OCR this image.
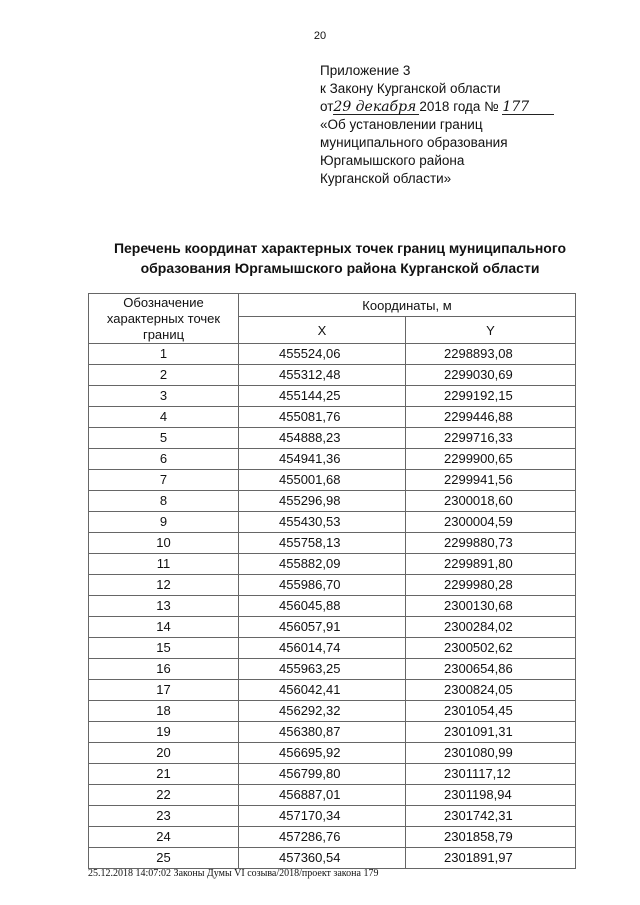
20
Приложение 3
к Закону Курганской области
от29 декабря 2018 года № 177
«Об установлении границ
муниципального образования
Юргамышского района
Курганской области»
Перечень координат характерных точек границ муниципального
образования Юргамышского района Курганской области
Обозначение характерных точек границ	Координаты, м	
	X	Y
1	455524,06	2298893,08
2	455312,48	2299030,69
3	455144,25	2299192,15
4	455081,76	2299446,88
5	454888,23	2299716,33
6	454941,36	2299900,65
7	455001,68	2299941,56
8	455296,98	2300018,60
9	455430,53	2300004,59
10	455758,13	2299880,73
11	455882,09	2299891,80
12	455986,70	2299980,28
13	456045,88	2300130,68
14	456057,91	2300284,02
15	456014,74	2300502,62
16	455963,25	2300654,86
17	456042,41	2300824,05
18	456292,32	2301054,45
19	456380,87	2301091,31
20	456695,92	2301080,99
21	456799,80	2301117,12
22	456887,01	2301198,94
23	457170,34	2301742,31
24	457286,76	2301858,79
25	457360,54	2301891,97
25.12.2018 14:07:02 Законы Думы VI созыва/2018/проект закона 179
